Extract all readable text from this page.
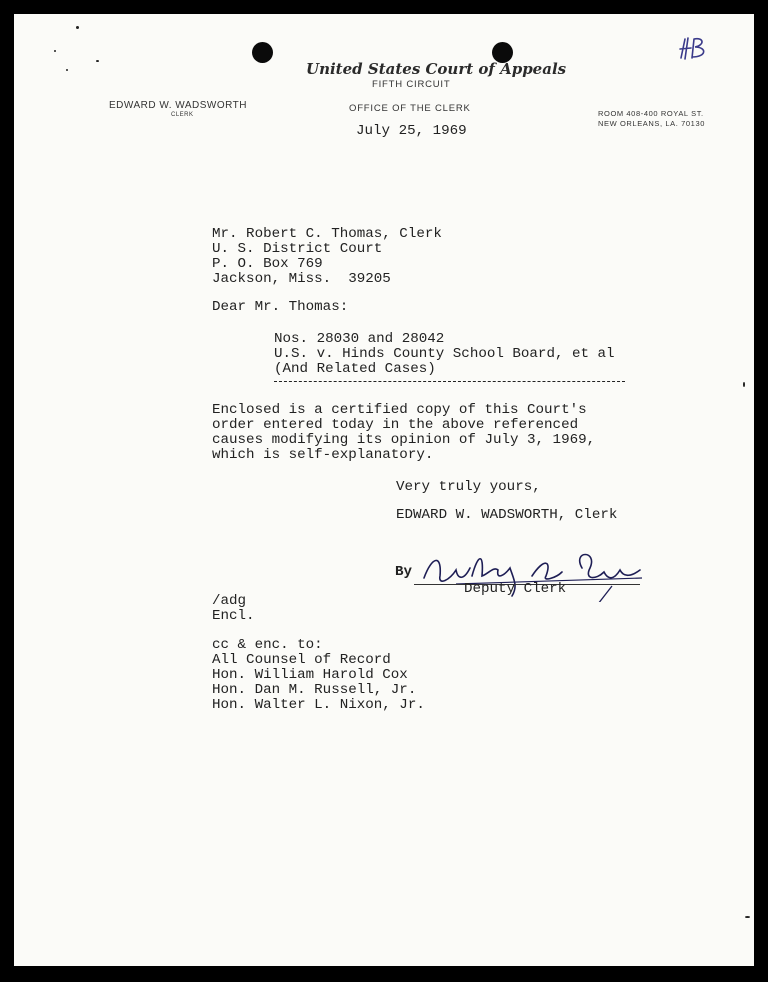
United States Court of Appeals
FIFTH CIRCUIT
EDWARD W. WADSWORTH
CLERK
OFFICE OF THE CLERK	ROOM 408-400 ROYAL ST.
NEW ORLEANS, LA. 70130
July 25, 1969
Mr. Robert C. Thomas, Clerk
U. S. District Court
P. O. Box 769
Jackson, Miss.  39205
Dear Mr. Thomas:
Nos. 28030 and 28042
U.S. v. Hinds County School Board, et al
(And Related Cases)
Enclosed is a certified copy of this Court's
order entered today in the above referenced
causes modifying its opinion of July 3, 1969,
which is self-explanatory.
Very truly yours,
EDWARD W. WADSWORTH, Clerk
By
Deputy Clerk
/adg
Encl.
cc & enc. to:
All Counsel of Record
Hon. William Harold Cox
Hon. Dan M. Russell, Jr.
Hon. Walter L. Nixon, Jr.
